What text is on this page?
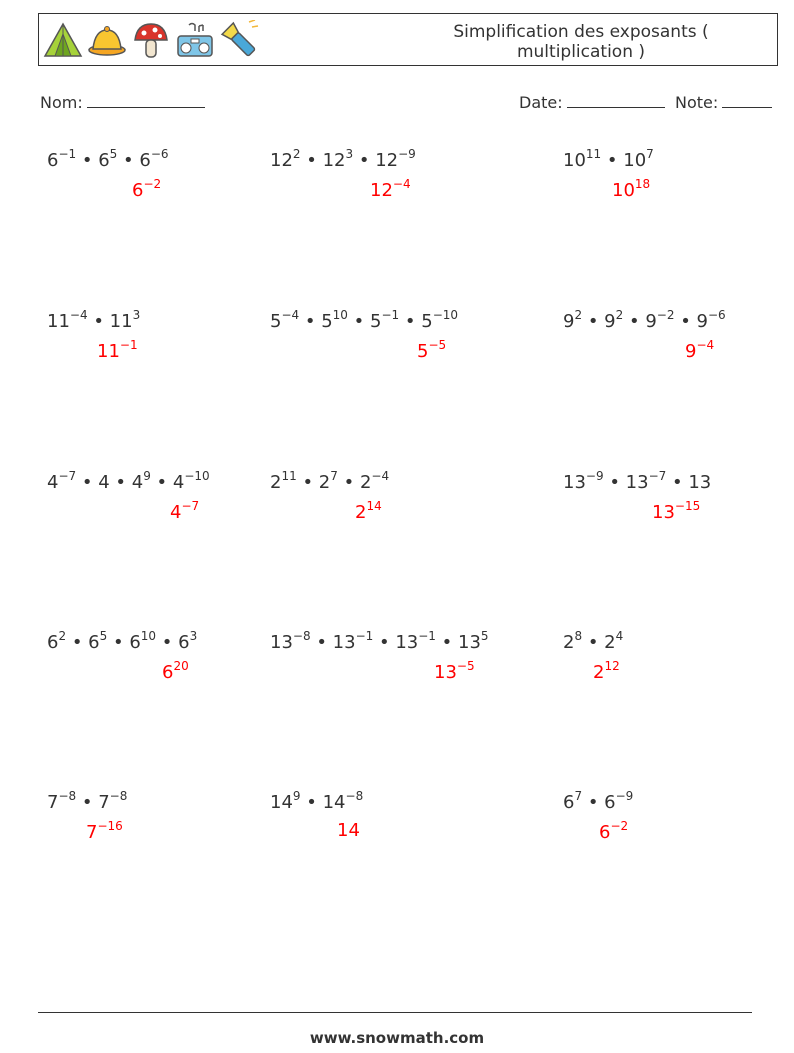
Simplification des exposants ( multiplication )
Nom:	Date:	Note:
$6^{-1}$ • $6^5$ • $6^{-6}$
$6^{-2}$
$12^2$ • $12^3$ • $12^{-9}$
$12^{-4}$
$10^{11}$ • $10^7$
$10^{18}$
$11^{-4}$ • $11^3$
$11^{-1}$
$5^{-4}$ • $5^{10}$ • $5^{-1}$ • $5^{-10}$
$5^{-5}$
$9^2$ • $9^2$ • $9^{-2}$ • $9^{-6}$
$9^{-4}$
$4^{-7}$ • 4 • $4^9$ • $4^{-10}$
$4^{-7}$
$2^{11}$ • $2^7$ • $2^{-4}$
$2^{14}$
$13^{-9}$ • $13^{-7}$ • 13
$13^{-15}$
$6^2$ • $6^5$ • $6^{10}$ • $6^3$
$6^{20}$
$13^{-8}$ • $13^{-1}$ • $13^{-1}$ • $13^5$
$13^{-5}$
$2^8$ • $2^4$
$2^{12}$
$7^{-8}$ • $7^{-8}$
$7^{-16}$
$14^9$ • $14^{-8}$
14
$6^7$ • $6^{-9}$
$6^{-2}$
www.snowmath.com
